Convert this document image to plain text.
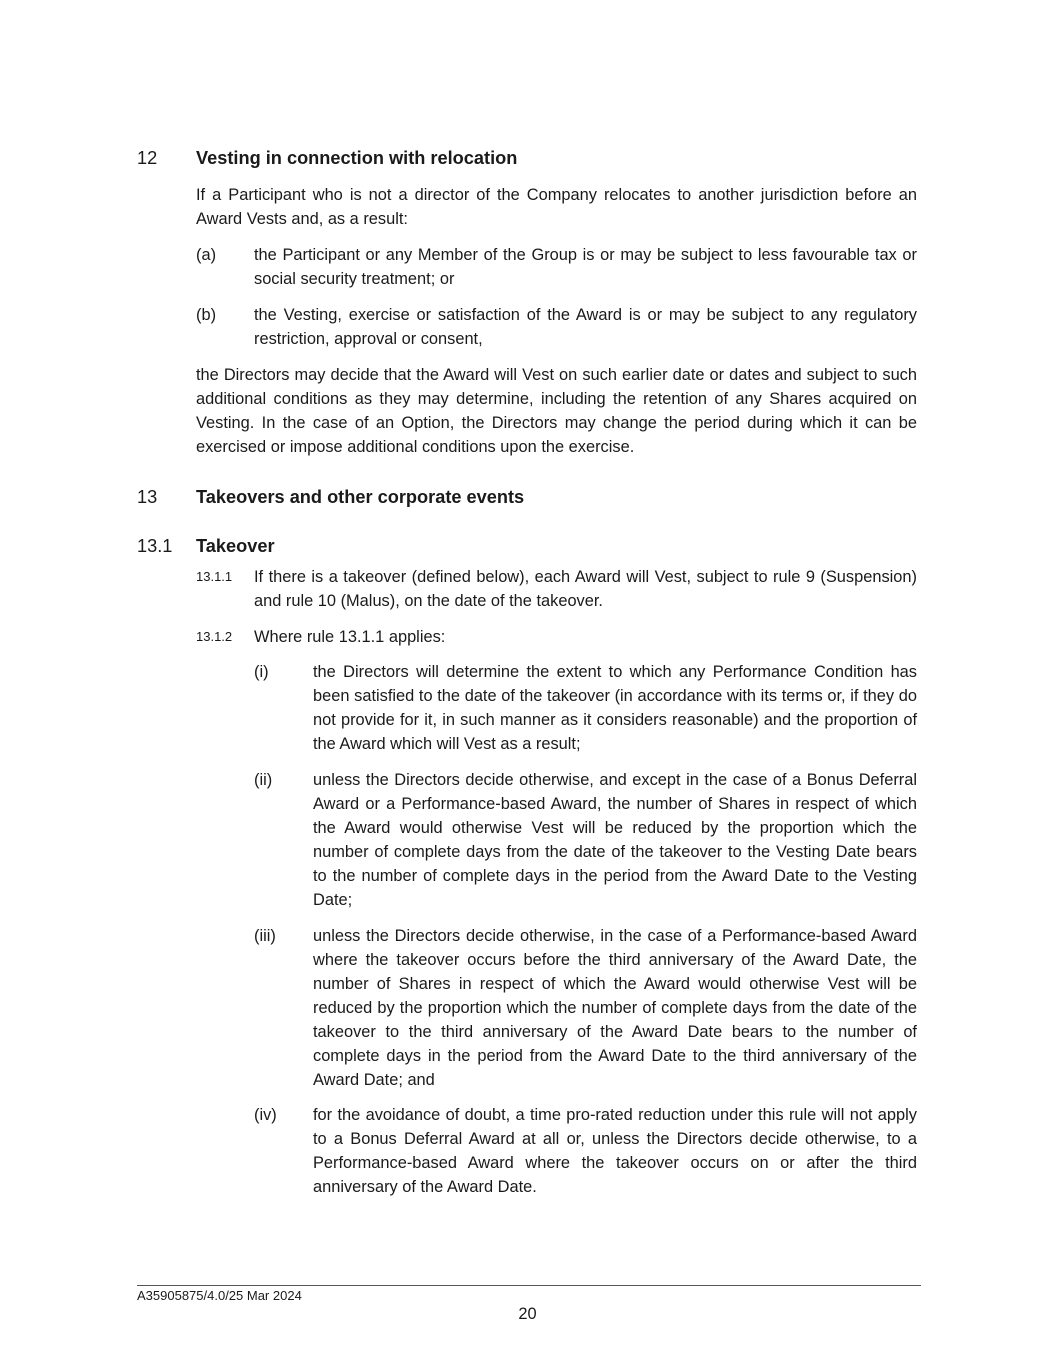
12 Vesting in connection with relocation
If a Participant who is not a director of the Company relocates to another jurisdiction before an Award Vests and, as a result:
(a) the Participant or any Member of the Group is or may be subject to less favourable tax or social security treatment; or
(b) the Vesting, exercise or satisfaction of the Award is or may be subject to any regulatory restriction, approval or consent,
the Directors may decide that the Award will Vest on such earlier date or dates and subject to such additional conditions as they may determine, including the retention of any Shares acquired on Vesting. In the case of an Option, the Directors may change the period during which it can be exercised or impose additional conditions upon the exercise.
13 Takeovers and other corporate events
13.1 Takeover
13.1.1 If there is a takeover (defined below), each Award will Vest, subject to rule 9 (Suspension) and rule 10 (Malus), on the date of the takeover.
13.1.2 Where rule 13.1.1 applies:
(i)	the Directors will determine the extent to which any Performance Condition has been satisfied to the date of the takeover (in accordance with its terms or, if they do not provide for it, in such manner as it considers reasonable) and the proportion of the Award which will Vest as a result;
(ii) unless the Directors decide otherwise, and except in the case of a Bonus Deferral Award or a Performance-based Award, the number of Shares in respect of which the Award would otherwise Vest will be reduced by the proportion which the number of complete days from the date of the takeover to the Vesting Date bears to the number of complete days in the period from the Award Date to the Vesting Date;
(iii) unless the Directors decide otherwise, in the case of a Performance-based Award where the takeover occurs before the third anniversary of the Award Date, the number of Shares in respect of which the Award would otherwise Vest will be reduced by the proportion which the number of complete days from the date of the takeover to the third anniversary of the Award Date bears to the number of complete days in the period from the Award Date to the third anniversary of the Award Date; and
(iv) for the avoidance of doubt, a time pro-rated reduction under this rule will not apply to a Bonus Deferral Award at all or, unless the Directors decide otherwise, to a Performance-based Award where the takeover occurs on or after the third anniversary of the Award Date.
A35905875/4.0/25 Mar 2024
20
